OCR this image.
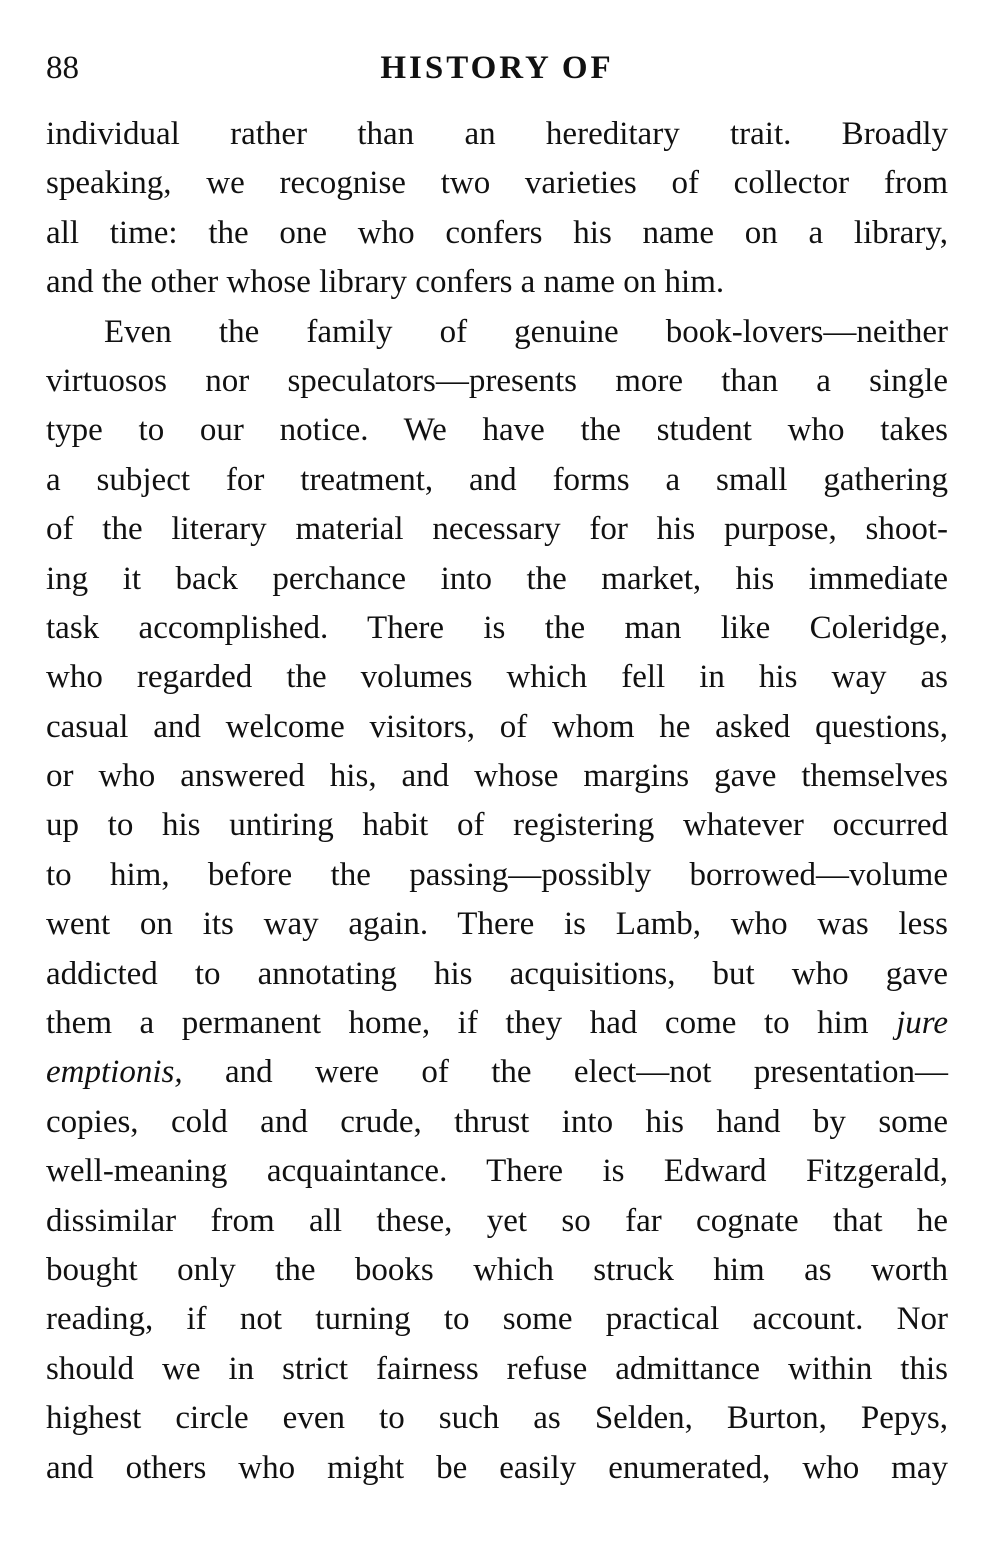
88	HISTORY OF
individual rather than an hereditary trait. Broadly
speaking, we recognise two varieties of collector from
all time: the one who confers his name on a library,
and the other whose library confers a name on him.
Even the family of genuine book-lovers—neither
virtuosos nor speculators—presents more than a single
type to our notice. We have the student who takes
a subject for treatment, and forms a small gathering
of the literary material necessary for his purpose, shoot-
ing it back perchance into the market, his immediate
task accomplished. There is the man like Coleridge,
who regarded the volumes which fell in his way as
casual and welcome visitors, of whom he asked questions,
or who answered his, and whose margins gave themselves
up to his untiring habit of registering whatever occurred
to him, before the passing—possibly borrowed—volume
went on its way again. There is Lamb, who was less
addicted to annotating his acquisitions, but who gave
them a permanent home, if they had come to him jure
emptionis, and were of the elect—not presentation—
copies, cold and crude, thrust into his hand by some
well-meaning acquaintance. There is Edward Fitzgerald,
dissimilar from all these, yet so far cognate that he
bought only the books which struck him as worth
reading, if not turning to some practical account. Nor
should we in strict fairness refuse admittance within this
highest circle even to such as Selden, Burton, Pepys,
and others who might be easily enumerated, who may
